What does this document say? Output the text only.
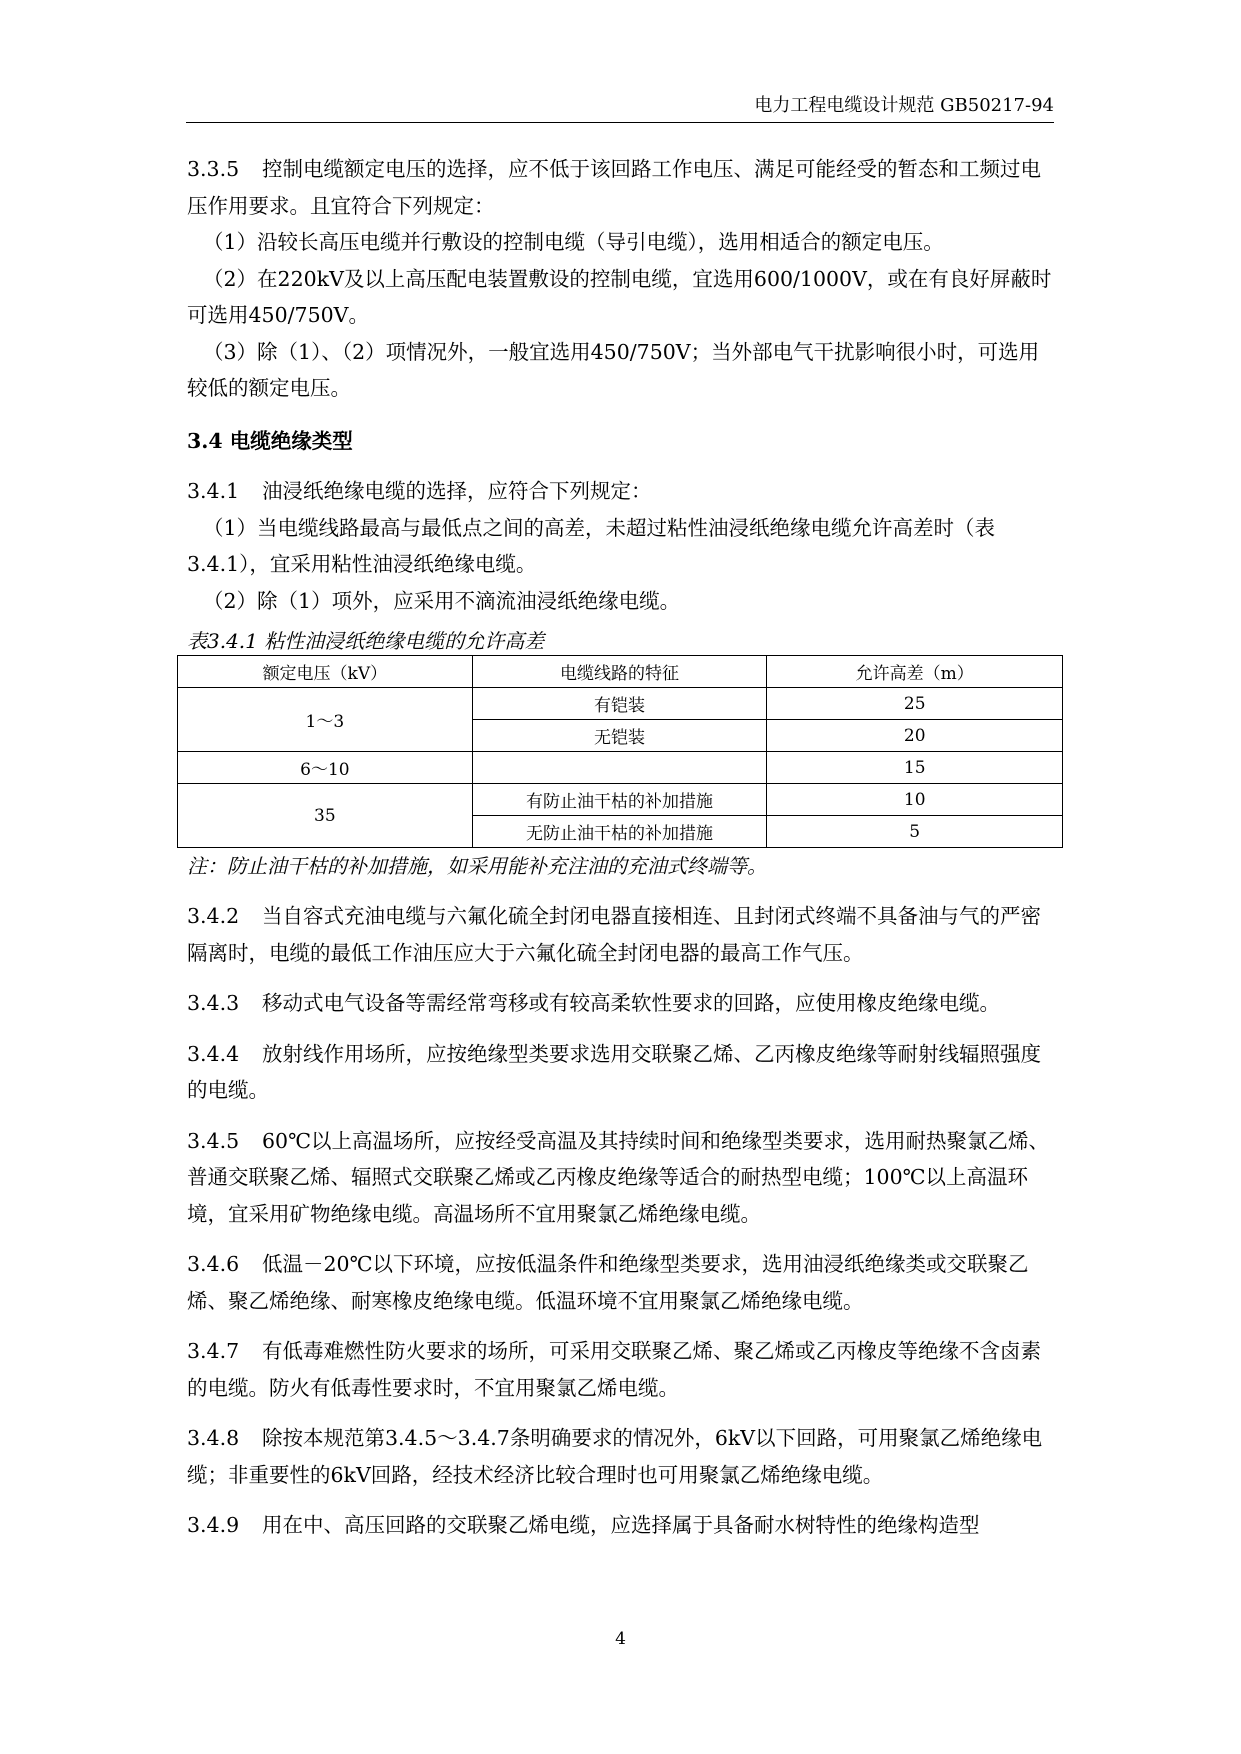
电力工程电缆设计规范 GB50217-94

3.3.5 控制电缆额定电压的选择，应不低于该回路工作电压、满足可能经受的暂态和工频过电压作用要求。且宜符合下列规定：

（1）沿较长高压电缆并行敷设的控制电缆（导引电缆），选用相适合的额定电压。

（2）在220kV及以上高压配电装置敷设的控制电缆，宜选用600/1000V，或在有良好屏蔽时可选用450/750V。

（3）除（1）、（2）项情况外，一般宜选用450/750V；当外部电气干扰影响很小时，可选用较低的额定电压。

3.4 电缆绝缘类型

3.4.1 油浸纸绝缘电缆的选择，应符合下列规定：

（1）当电缆线路最高与最低点之间的高差，未超过粘性油浸纸绝缘电缆允许高差时（表3.4.1），宜采用粘性油浸纸绝缘电缆。

（2）除（1）项外，应采用不滴流油浸纸绝缘电缆。

表3.4.1 粘性油浸纸绝缘电缆的允许高差
额定电压（kV）	电缆线路的特征	允许高差（m）
1～3	有铠装	25
	无铠装	20
6～10		15
35	有防止油干枯的补加措施	10
	无防止油干枯的补加措施	5

注：防止油干枯的补加措施，如采用能补充注油的充油式终端等。

3.4.2 当自容式充油电缆与六氟化硫全封闭电器直接相连、且封闭式终端不具备油与气的严密隔离时，电缆的最低工作油压应大于六氟化硫全封闭电器的最高工作气压。

3.4.3 移动式电气设备等需经常弯移或有较高柔软性要求的回路，应使用橡皮绝缘电缆。

3.4.4 放射线作用场所，应按绝缘型类要求选用交联聚乙烯、乙丙橡皮绝缘等耐射线辐照强度的电缆。

3.4.5 60℃以上高温场所，应按经受高温及其持续时间和绝缘型类要求，选用耐热聚氯乙烯、普通交联聚乙烯、辐照式交联聚乙烯或乙丙橡皮绝缘等适合的耐热型电缆；100℃以上高温环境，宜采用矿物绝缘电缆。高温场所不宜用聚氯乙烯绝缘电缆。

3.4.6 低温－20℃以下环境，应按低温条件和绝缘型类要求，选用油浸纸绝缘类或交联聚乙烯、聚乙烯绝缘、耐寒橡皮绝缘电缆。低温环境不宜用聚氯乙烯绝缘电缆。

3.4.7 有低毒难燃性防火要求的场所，可采用交联聚乙烯、聚乙烯或乙丙橡皮等绝缘不含卤素的电缆。防火有低毒性要求时，不宜用聚氯乙烯电缆。

3.4.8 除按本规范第3.4.5～3.4.7条明确要求的情况外，6kV以下回路，可用聚氯乙烯绝缘电缆；非重要性的6kV回路，经技术经济比较合理时也可用聚氯乙烯绝缘电缆。

3.4.9 用在中、高压回路的交联聚乙烯电缆，应选择属于具备耐水树特性的绝缘构造型

4
